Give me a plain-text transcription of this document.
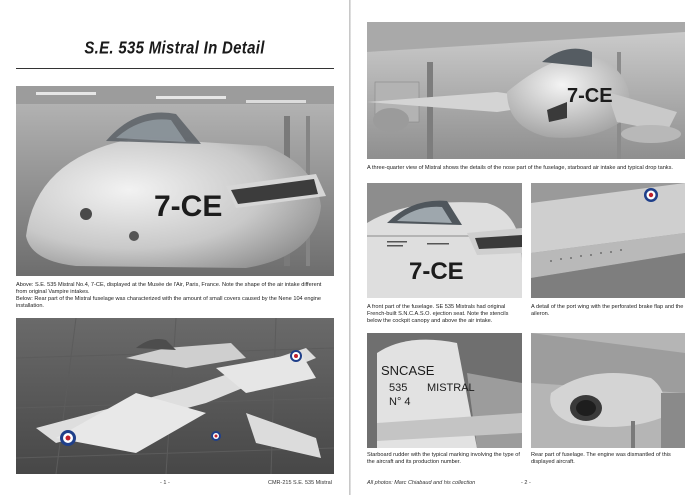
S.E. 535 Mistral In Detail
7-CE

Above: S.E. 535 Mistral No.4, 7-CE, displayed at the Musée de l'Air, Paris, France. Note the shape of the air intake different from original Vampire intakes.

Below: Rear part of the Mistral fuselage was characterized with the amount of small covers caused by the Nene 104 engine installation.

- 1 -	CMR-215 S.E. 535 Mistral
7-CE
A three-quarter view of Mistral shows the details of the nose part of the fuselage, starboard air intake and typical drop tanks.
7-CE
A front part of the fuselage. SE 535 Mistrals had original French-built S.N.C.A.S.O. ejection seat. Note the stencils below the cockpit canopy and above the air intake.
A detail of the port wing with the perforated brake flap and the aileron.
SNCASE
535 MISTRAL
N° 4
Starboard rudder with the typical marking involving the type of the aircraft and its production number.
Rear part of fuselage. The engine was dismantled of this displayed aircraft.
All photos: Marc Chiabaud and his collection	- 2 -
